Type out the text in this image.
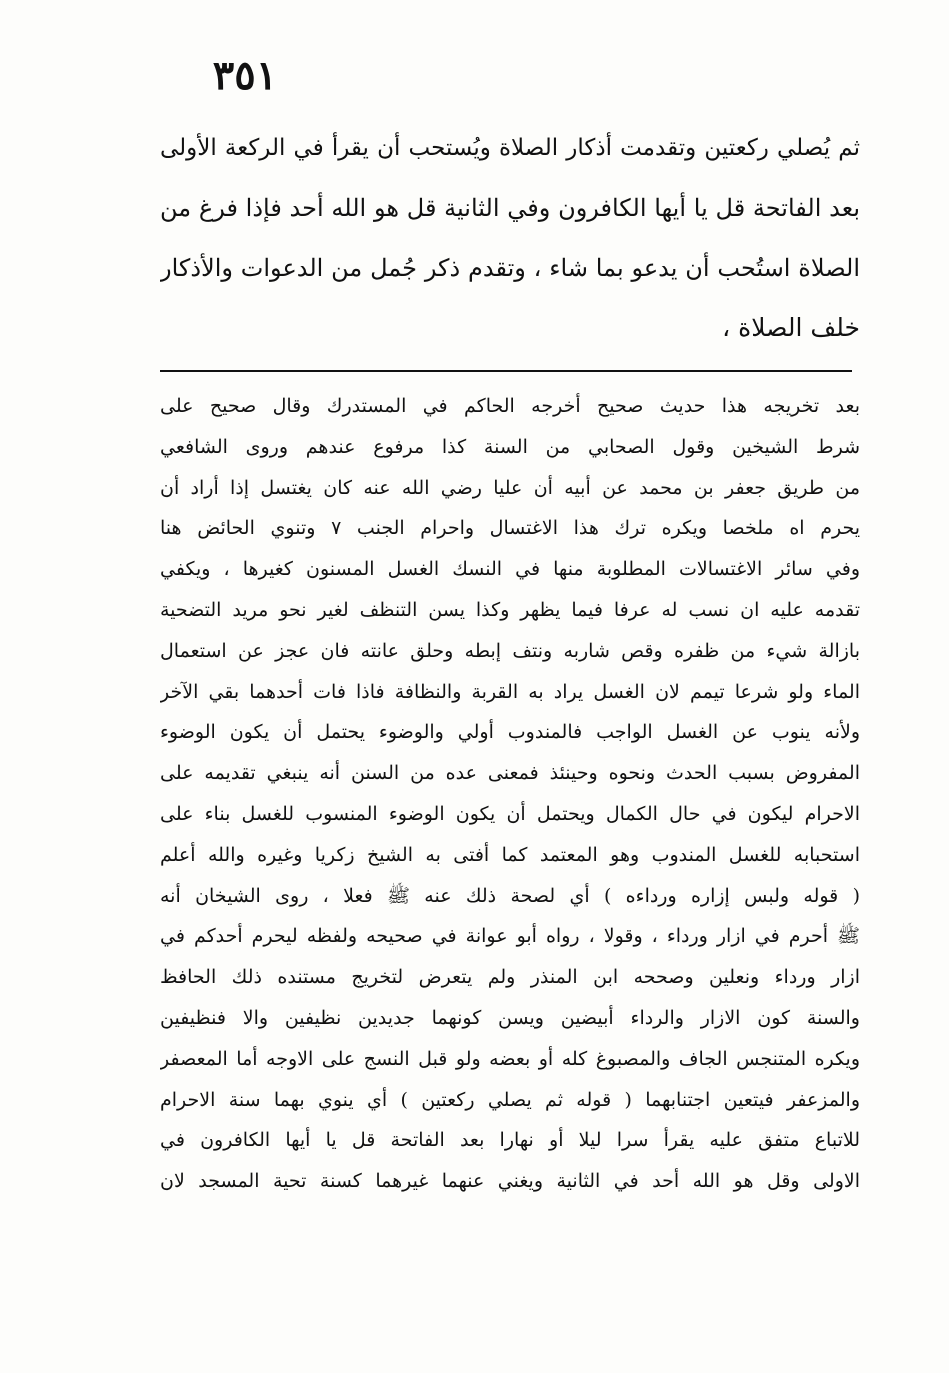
٣٥١
ثم يُصلي ركعتين وتقدمت أذكار الصلاة ويُستحب أن يقرأ في الركعة الأولى
بعد الفاتحة قل يا أيها الكافرون وفي الثانية قل هو الله أحد فإذا فرغ من
الصلاة استُحب أن يدعو بما شاء ، وتقدم ذكر جُمل من الدعوات والأذكار
خلف الصلاة ،
بعد تخريجه هذا حديث صحيح أخرجه الحاكم في المستدرك وقال صحيح على
شرط الشيخين وقول الصحابي من السنة كذا مرفوع عندهم وروى الشافعي
من طريق جعفر بن محمد عن أبيه أن عليا رضي الله عنه كان يغتسل إذا أراد أن
يحرم اه ملخصا ويكره ترك هذا الاغتسال واحرام الجنب ٧ وتنوي الحائض هنا
وفي سائر الاغتسالات المطلوبة منها في النسك الغسل المسنون كغيرها ، ويكفي
تقدمه عليه ان نسب له عرفا فيما يظهر وكذا يسن التنظف لغير نحو مريد التضحية
بازالة شيء من ظفره وقص شاربه ونتف إبطه وحلق عانته فان عجز عن استعمال
الماء ولو شرعا تيمم لان الغسل يراد به القربة والنظافة فاذا فات أحدهما بقي الآخر
ولأنه ينوب عن الغسل الواجب فالمندوب أولي والوضوء يحتمل أن يكون الوضوء
المفروض بسبب الحدث ونحوه وحينئذ فمعنى عده من السنن أنه ينبغي تقديمه على
الاحرام ليكون في حال الكمال ويحتمل أن يكون الوضوء المنسوب للغسل بناء على
استحبابه للغسل المندوب وهو المعتمد كما أفتى به الشيخ زكريا وغيره والله أعلم
( قوله ولبس إزاره ورداءه ) أي لصحة ذلك عنه ﷺ فعلا ، روى الشيخان أنه
ﷺ أحرم في ازار ورداء ، وقولا ، رواه أبو عوانة في صحيحه ولفظه ليحرم أحدكم في
ازار ورداء ونعلين وصححه ابن المنذر ولم يتعرض لتخريج مستنده ذلك الحافظ
والسنة كون الازار والرداء أبيضين ويسن كونهما جديدين نظيفين والا فنظيفين
ويكره المتنجس الجاف والمصبوغ كله أو بعضه ولو قبل النسج على الاوجه أما المعصفر
والمزعفر فيتعين اجتنابهما ( قوله ثم يصلي ركعتين ) أي ينوي بهما سنة الاحرام
للاتباع متفق عليه يقرأ سرا ليلا أو نهارا بعد الفاتحة قل يا أيها الكافرون في
الاولى وقل هو الله أحد في الثانية ويغني عنهما غيرهما كسنة تحية المسجد لان
